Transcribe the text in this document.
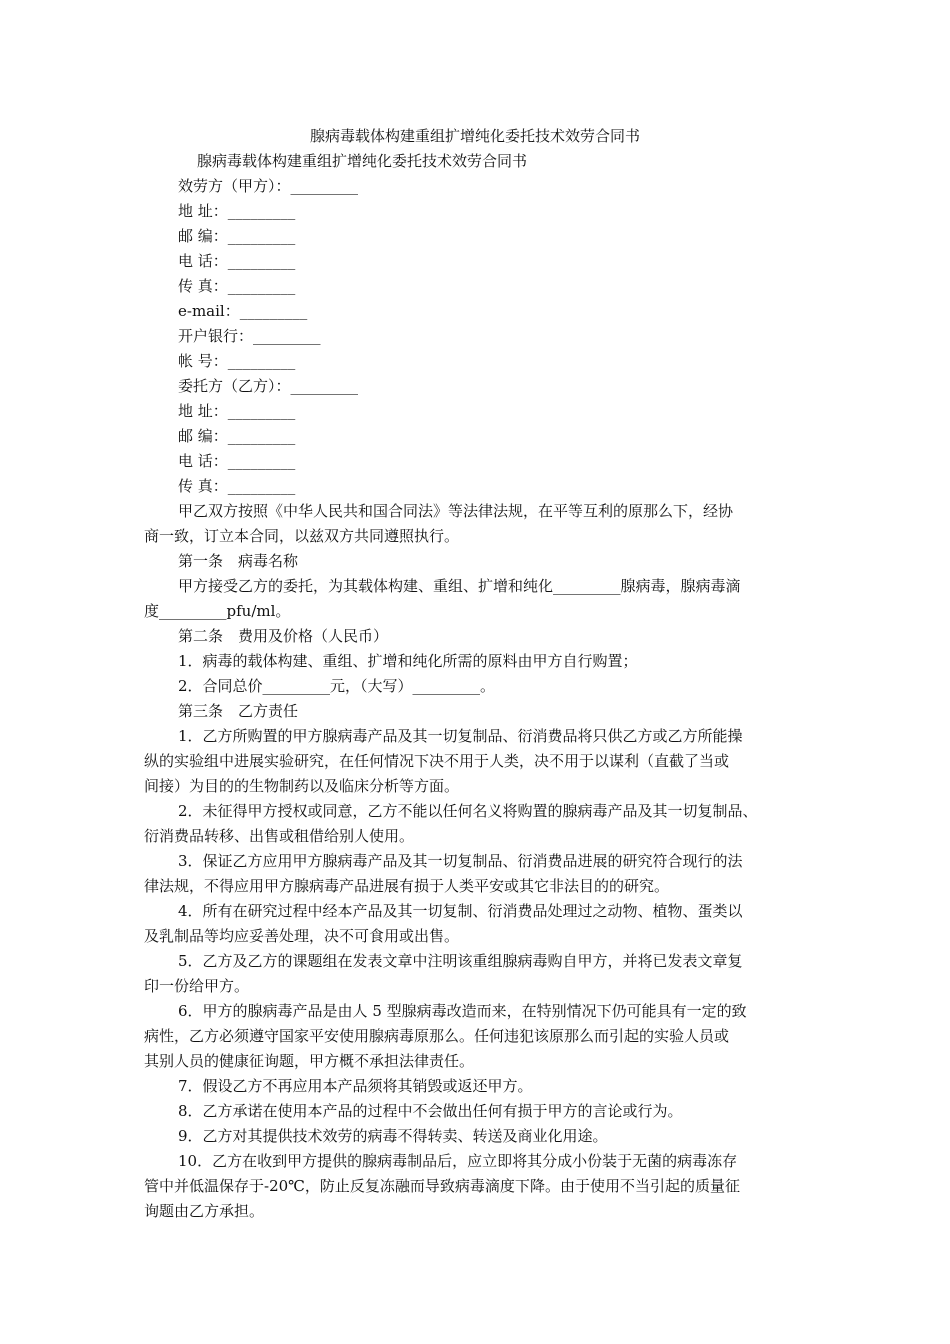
腺病毒载体构建重组扩增纯化委托技术效劳合同书
腺病毒载体构建重组扩增纯化委托技术效劳合同书
效劳方（甲方）：_________
地 址：_________
邮 编：_________
电 话：_________
传 真：_________
e-mail：_________
开户银行：_________
帐 号：_________
委托方（乙方）：_________
地 址：_________
邮 编：_________
电 话：_________
传 真：_________
甲乙双方按照《中华人民共和国合同法》等法律法规，在平等互利的原那么下，经协
商一致，订立本合同，以兹双方共同遵照执行。
第一条　病毒名称
甲方接受乙方的委托，为其载体构建、重组、扩增和纯化_________腺病毒，腺病毒滴
度_________pfu/ml。
第二条　费用及价格（人民币）
1．病毒的载体构建、重组、扩增和纯化所需的原料由甲方自行购置；
2．合同总价_________元，（大写）_________。
第三条　乙方责任
1．乙方所购置的甲方腺病毒产品及其一切复制品、衍消费品将只供乙方或乙方所能操
纵的实验组中进展实验研究，在任何情况下决不用于人类，决不用于以谋利（直截了当或
间接）为目的的生物制药以及临床分析等方面。
2．未征得甲方授权或同意，乙方不能以任何名义将购置的腺病毒产品及其一切复制品、
衍消费品转移、出售或租借给别人使用。
3．保证乙方应用甲方腺病毒产品及其一切复制品、衍消费品进展的研究符合现行的法
律法规，不得应用甲方腺病毒产品进展有损于人类平安或其它非法目的的研究。
4．所有在研究过程中经本产品及其一切复制、衍消费品处理过之动物、植物、蛋类以
及乳制品等均应妥善处理，决不可食用或出售。
5．乙方及乙方的课题组在发表文章中注明该重组腺病毒购自甲方，并将已发表文章复
印一份给甲方。
6．甲方的腺病毒产品是由人 5 型腺病毒改造而来，在特别情况下仍可能具有一定的致
病性，乙方必须遵守国家平安使用腺病毒原那么。任何违犯该原那么而引起的实验人员或
其别人员的健康征询题，甲方概不承担法律责任。
7．假设乙方不再应用本产品须将其销毁或返还甲方。
8．乙方承诺在使用本产品的过程中不会做出任何有损于甲方的言论或行为。
9．乙方对其提供技术效劳的病毒不得转卖、转送及商业化用途。
10．乙方在收到甲方提供的腺病毒制品后，应立即将其分成小份装于无菌的病毒冻存
管中并低温保存于-20℃，防止反复冻融而导致病毒滴度下降。由于使用不当引起的质量征
询题由乙方承担。
